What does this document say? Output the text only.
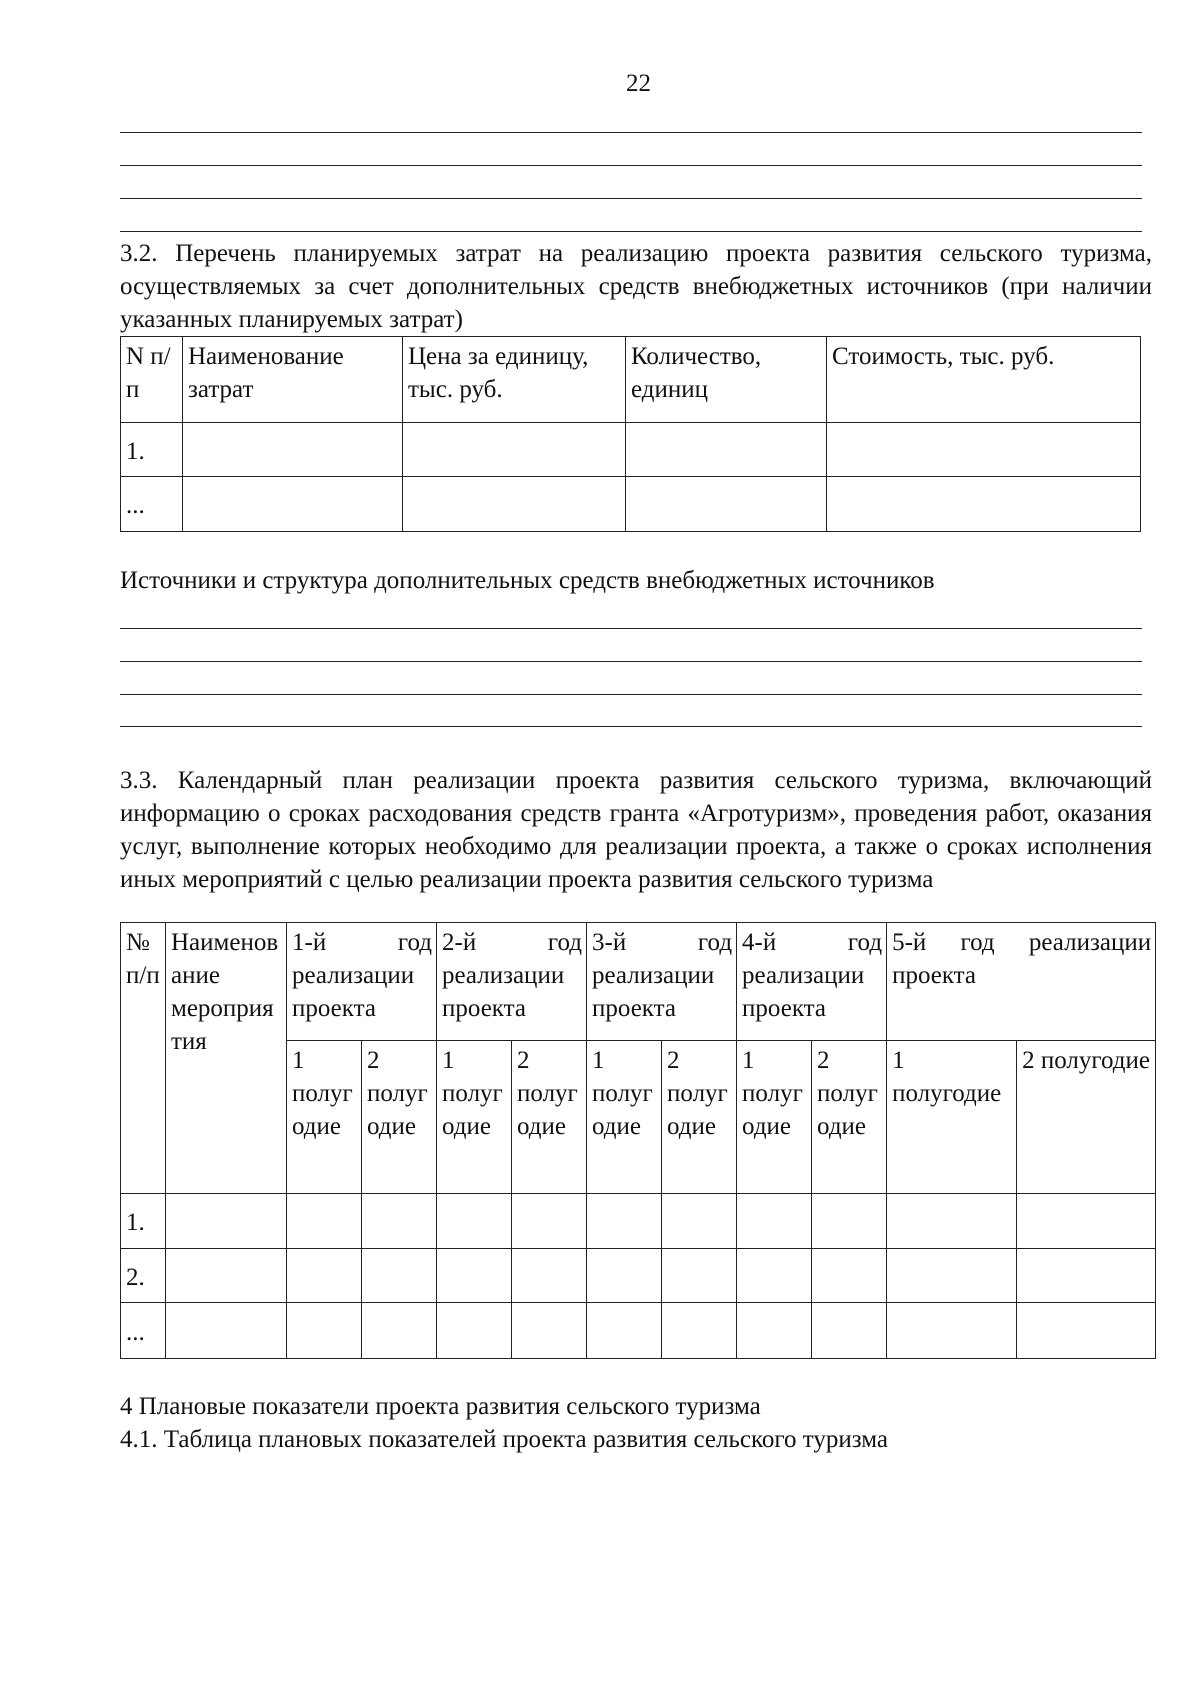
22
3.2. Перечень планируемых затрат на реализацию проекта развития сельского туризма, осуществляемых за счет дополнительных средств внебюджетных источников (при наличии указанных планируемых затрат)
N п/п	Наименование затрат	Цена за единицу, тыс. руб.	Количество, единиц	Стоимость, тыс. руб.
1.				
...				
Источники и структура дополнительных средств внебюджетных источников
3.3. Календарный план реализации проекта развития сельского туризма, включающий информацию о сроках расходования средств гранта «Агротуризм», проведения работ, оказания услуг, выполнение которых необходимо для реализации проекта, а также о сроках исполнения иных мероприятий с целью реализации проекта развития сельского туризма
№ п/п	Наименование мероприятия	1-й год реализации проекта		2-й год реализации проекта		3-й год реализации проекта		4-й год реализации проекта		5-й год реализации проекта	
		1 полугодие	2 полугодие	1 полугодие	2 полугодие	1 полугодие	2 полугодие	1 полугодие	2 полугодие	1 полугодие	2 полугодие
1.											
2.											
...											
4 Плановые показатели проекта развития сельского туризма
4.1. Таблица плановых показателей проекта развития сельского туризма
